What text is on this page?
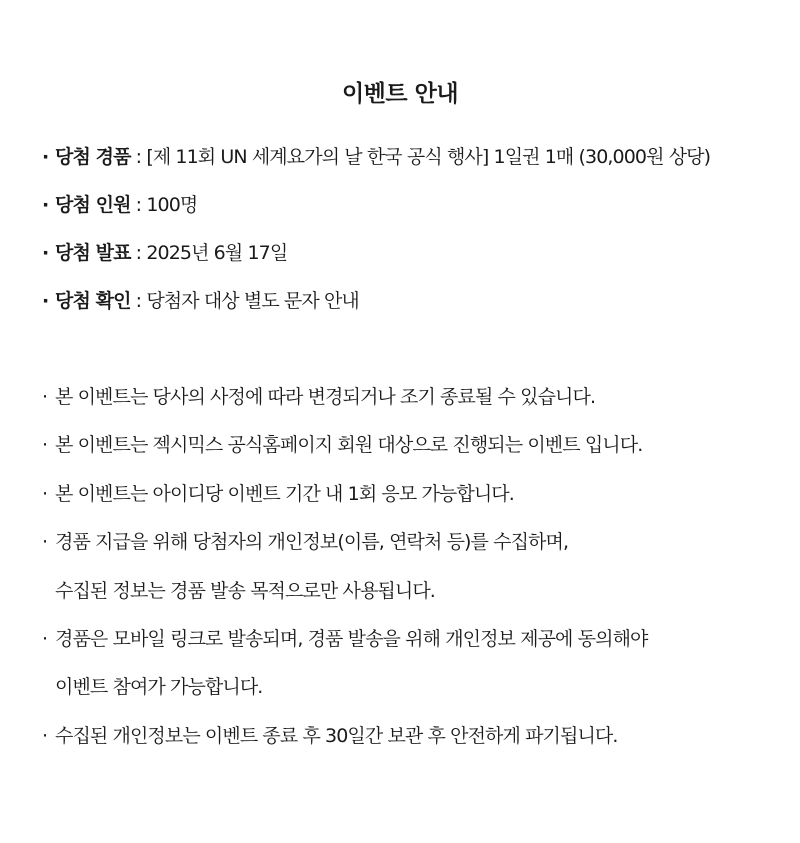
이벤트 안내
· 당첨 경품 : [제 11회 UN 세계요가의 날 한국 공식 행사] 1일권 1매 (30,000원 상당)
· 당첨 인원 : 100명
· 당첨 발표 : 2025년 6월 17일
· 당첨 확인 : 당첨자 대상 별도 문자 안내
· 본 이벤트는 당사의 사정에 따라 변경되거나 조기 종료될 수 있습니다.
· 본 이벤트는 젝시믹스 공식홈페이지 회원 대상으로 진행되는 이벤트 입니다.
· 본 이벤트는 아이디당 이벤트 기간 내 1회 응모 가능합니다.
· 경품 지급을 위해 당첨자의 개인정보(이름, 연락처 등)를 수집하며,
수집된 정보는 경품 발송 목적으로만 사용됩니다.
· 경품은 모바일 링크로 발송되며, 경품 발송을 위해 개인정보 제공에 동의해야
이벤트 참여가 가능합니다.
· 수집된 개인정보는 이벤트 종료 후 30일간 보관 후 안전하게 파기됩니다.
